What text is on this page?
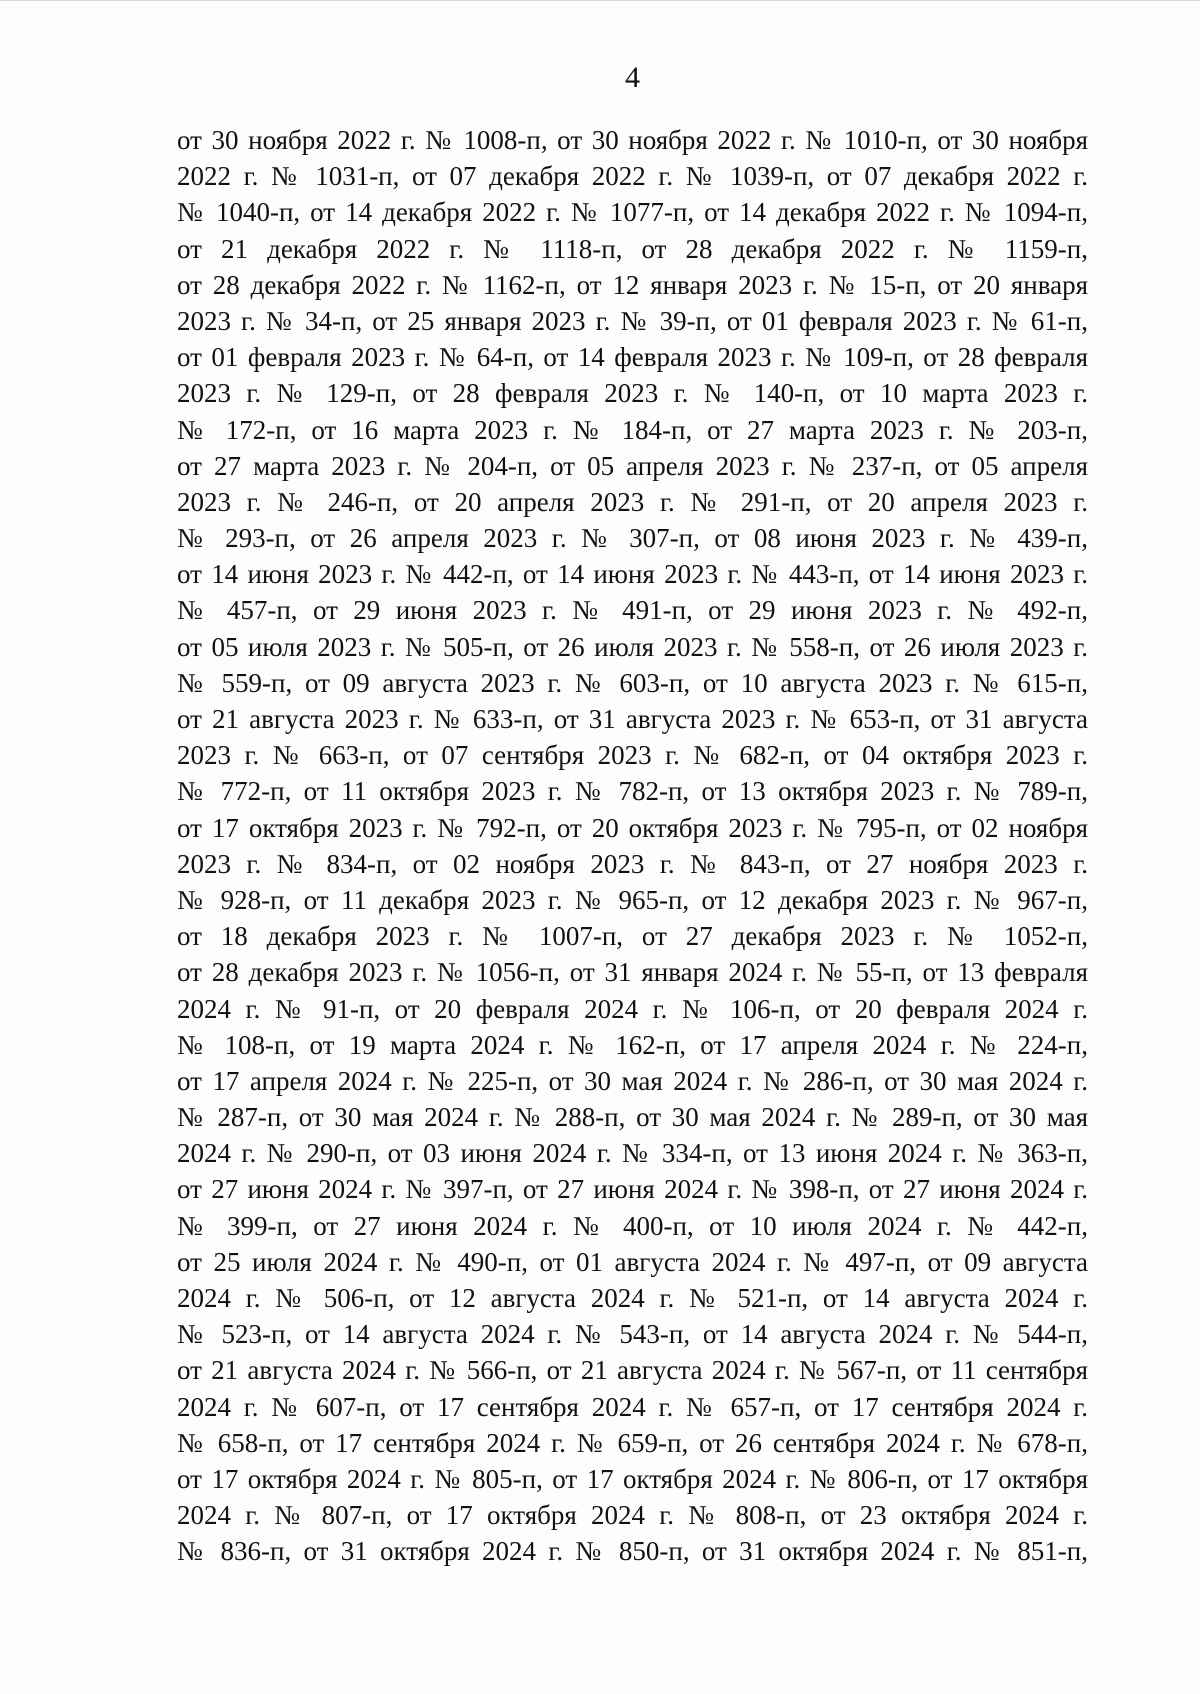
4
от 30 ноября 2022 г. № 1008-п, от 30 ноября 2022 г. № 1010-п, от 30 ноября
2022 г. № 1031-п, от 07 декабря 2022 г. № 1039-п, от 07 декабря 2022 г.
№ 1040-п, от 14 декабря 2022 г. № 1077-п, от 14 декабря 2022 г. № 1094-п,
от 21 декабря 2022 г. № 1118-п, от 28 декабря 2022 г. № 1159-п,
от 28 декабря 2022 г. № 1162-п, от 12 января 2023 г. № 15-п, от 20 января
2023 г. № 34-п, от 25 января 2023 г. № 39-п, от 01 февраля 2023 г. № 61-п,
от 01 февраля 2023 г. № 64-п, от 14 февраля 2023 г. № 109-п, от 28 февраля
2023 г. № 129-п, от 28 февраля 2023 г. № 140-п, от 10 марта 2023 г.
№ 172-п, от 16 марта 2023 г. № 184-п, от 27 марта 2023 г. № 203-п,
от 27 марта 2023 г. № 204-п, от 05 апреля 2023 г. № 237-п, от 05 апреля
2023 г. № 246-п, от 20 апреля 2023 г. № 291-п, от 20 апреля 2023 г.
№ 293-п, от 26 апреля 2023 г. № 307-п, от 08 июня 2023 г. № 439-п,
от 14 июня 2023 г. № 442-п, от 14 июня 2023 г. № 443-п, от 14 июня 2023 г.
№ 457-п, от 29 июня 2023 г. № 491-п, от 29 июня 2023 г. № 492-п,
от 05 июля 2023 г. № 505-п, от 26 июля 2023 г. № 558-п, от 26 июля 2023 г.
№ 559-п, от 09 августа 2023 г. № 603-п, от 10 августа 2023 г. № 615-п,
от 21 августа 2023 г. № 633-п, от 31 августа 2023 г. № 653-п, от 31 августа
2023 г. № 663-п, от 07 сентября 2023 г. № 682-п, от 04 октября 2023 г.
№ 772-п, от 11 октября 2023 г. № 782-п, от 13 октября 2023 г. № 789-п,
от 17 октября 2023 г. № 792-п, от 20 октября 2023 г. № 795-п, от 02 ноября
2023 г. № 834-п, от 02 ноября 2023 г. № 843-п, от 27 ноября 2023 г.
№ 928-п, от 11 декабря 2023 г. № 965-п, от 12 декабря 2023 г. № 967-п,
от 18 декабря 2023 г. № 1007-п, от 27 декабря 2023 г. № 1052-п,
от 28 декабря 2023 г. № 1056-п, от 31 января 2024 г. № 55-п, от 13 февраля
2024 г. № 91-п, от 20 февраля 2024 г. № 106-п, от 20 февраля 2024 г.
№ 108-п, от 19 марта 2024 г. № 162-п, от 17 апреля 2024 г. № 224-п,
от 17 апреля 2024 г. № 225-п, от 30 мая 2024 г. № 286-п, от 30 мая 2024 г.
№ 287-п, от 30 мая 2024 г. № 288-п, от 30 мая 2024 г. № 289-п, от 30 мая
2024 г. № 290-п, от 03 июня 2024 г. № 334-п, от 13 июня 2024 г. № 363-п,
от 27 июня 2024 г. № 397-п, от 27 июня 2024 г. № 398-п, от 27 июня 2024 г.
№ 399-п, от 27 июня 2024 г. № 400-п, от 10 июля 2024 г. № 442-п,
от 25 июля 2024 г. № 490-п, от 01 августа 2024 г. № 497-п, от 09 августа
2024 г. № 506-п, от 12 августа 2024 г. № 521-п, от 14 августа 2024 г.
№ 523-п, от 14 августа 2024 г. № 543-п, от 14 августа 2024 г. № 544-п,
от 21 августа 2024 г. № 566-п, от 21 августа 2024 г. № 567-п, от 11 сентября
2024 г. № 607-п, от 17 сентября 2024 г. № 657-п, от 17 сентября 2024 г.
№ 658-п, от 17 сентября 2024 г. № 659-п, от 26 сентября 2024 г. № 678-п,
от 17 октября 2024 г. № 805-п, от 17 октября 2024 г. № 806-п, от 17 октября
2024 г. № 807-п, от 17 октября 2024 г. № 808-п, от 23 октября 2024 г.
№ 836-п, от 31 октября 2024 г. № 850-п, от 31 октября 2024 г. № 851-п,
